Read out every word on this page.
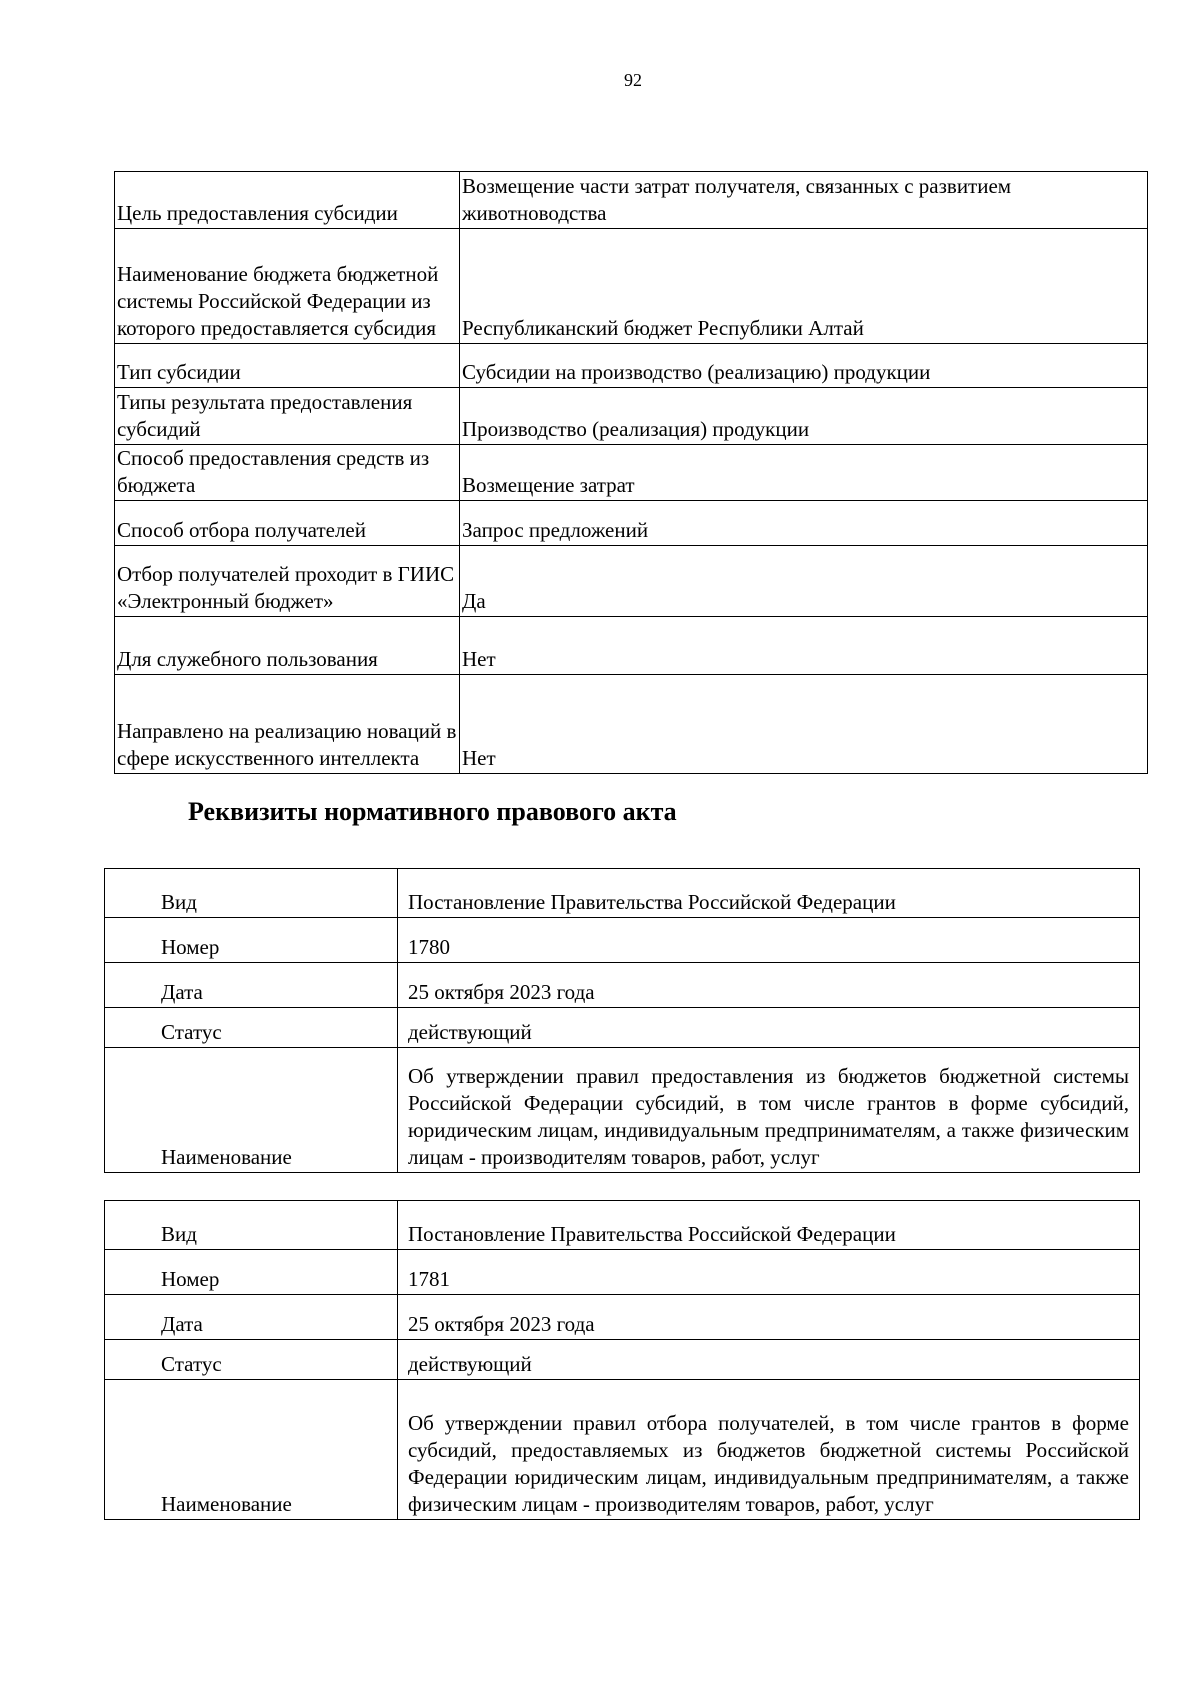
92
Цель предоставления субсидии	Возмещение части затрат получателя, связанных с развитием животноводства
Наименование бюджета бюджетной системы Российской Федерации из которого предоставляется субсидия	Республиканский бюджет Республики Алтай
Тип субсидии	Субсидии на производство (реализацию) продукции
Типы результата предоставления субсидий	Производство (реализация) продукции
Способ предоставления средств из бюджета	Возмещение затрат
Способ отбора получателей	Запрос предложений
Отбор получателей проходит в ГИИС «Электронный бюджет»	Да
Для служебного пользования	Нет
Направлено на реализацию новаций в сфере искусственного интеллекта	Нет
Реквизиты нормативного правового акта
Вид	Постановление Правительства Российской Федерации
Номер	1780
Дата	25 октября 2023 года
Статус	действующий
Наименование	Об утверждении правил предоставления из бюджетов бюджетной системы Российской Федерации субсидий, в том числе грантов в форме субсидий, юридическим лицам, индивидуальным предпринимателям, а также физическим лицам - производителям товаров, работ, услуг
Вид	Постановление Правительства Российской Федерации
Номер	1781
Дата	25 октября 2023 года
Статус	действующий
Наименование	Об утверждении правил отбора получателей, в том числе грантов в форме субсидий, предоставляемых из бюджетов бюджетной системы Российской Федерации юридическим лицам, индивидуальным предпринимателям, а также физическим лицам - производителям товаров, работ, услуг
